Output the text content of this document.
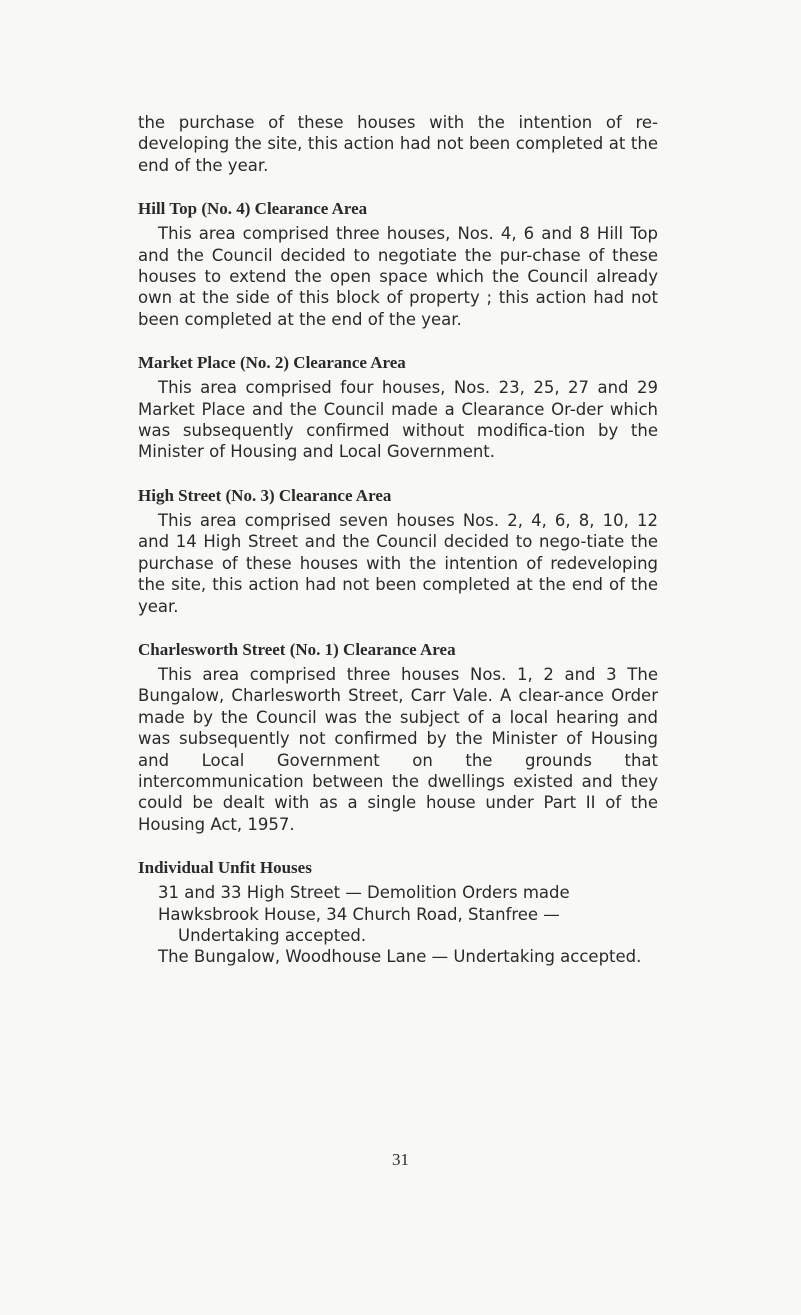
the purchase of these houses with the intention of re-developing the site, this action had not been completed at the end of the year.

Hill Top (No. 4) Clearance Area

This area comprised three houses, Nos. 4, 6 and 8 Hill Top and the Council decided to negotiate the pur-chase of these houses to extend the open space which the Council already own at the side of this block of property ; this action had not been completed at the end of the year.

Market Place (No. 2) Clearance Area

This area comprised four houses, Nos. 23, 25, 27 and 29 Market Place and the Council made a Clearance Or-der which was subsequently confirmed without modifica-tion by the Minister of Housing and Local Government.

High Street (No. 3) Clearance Area

This area comprised seven houses Nos. 2, 4, 6, 8, 10, 12 and 14 High Street and the Council decided to nego-tiate the purchase of these houses with the intention of redeveloping the site, this action had not been completed at the end of the year.

Charlesworth Street (No. 1) Clearance Area

This area comprised three houses Nos. 1, 2 and 3 The Bungalow, Charlesworth Street, Carr Vale. A clear-ance Order made by the Council was the subject of a local hearing and was subsequently not confirmed by the Minister of Housing and Local Government on the grounds that intercommunication between the dwellings existed and they could be dealt with as a single house under Part II of the Housing Act, 1957.

Individual Unfit Houses

31 and 33 High Street — Demolition Orders made

Hawksbrook House, 34 Church Road, Stanfree — Undertaking accepted.

The Bungalow, Woodhouse Lane — Undertaking accepted.

31
